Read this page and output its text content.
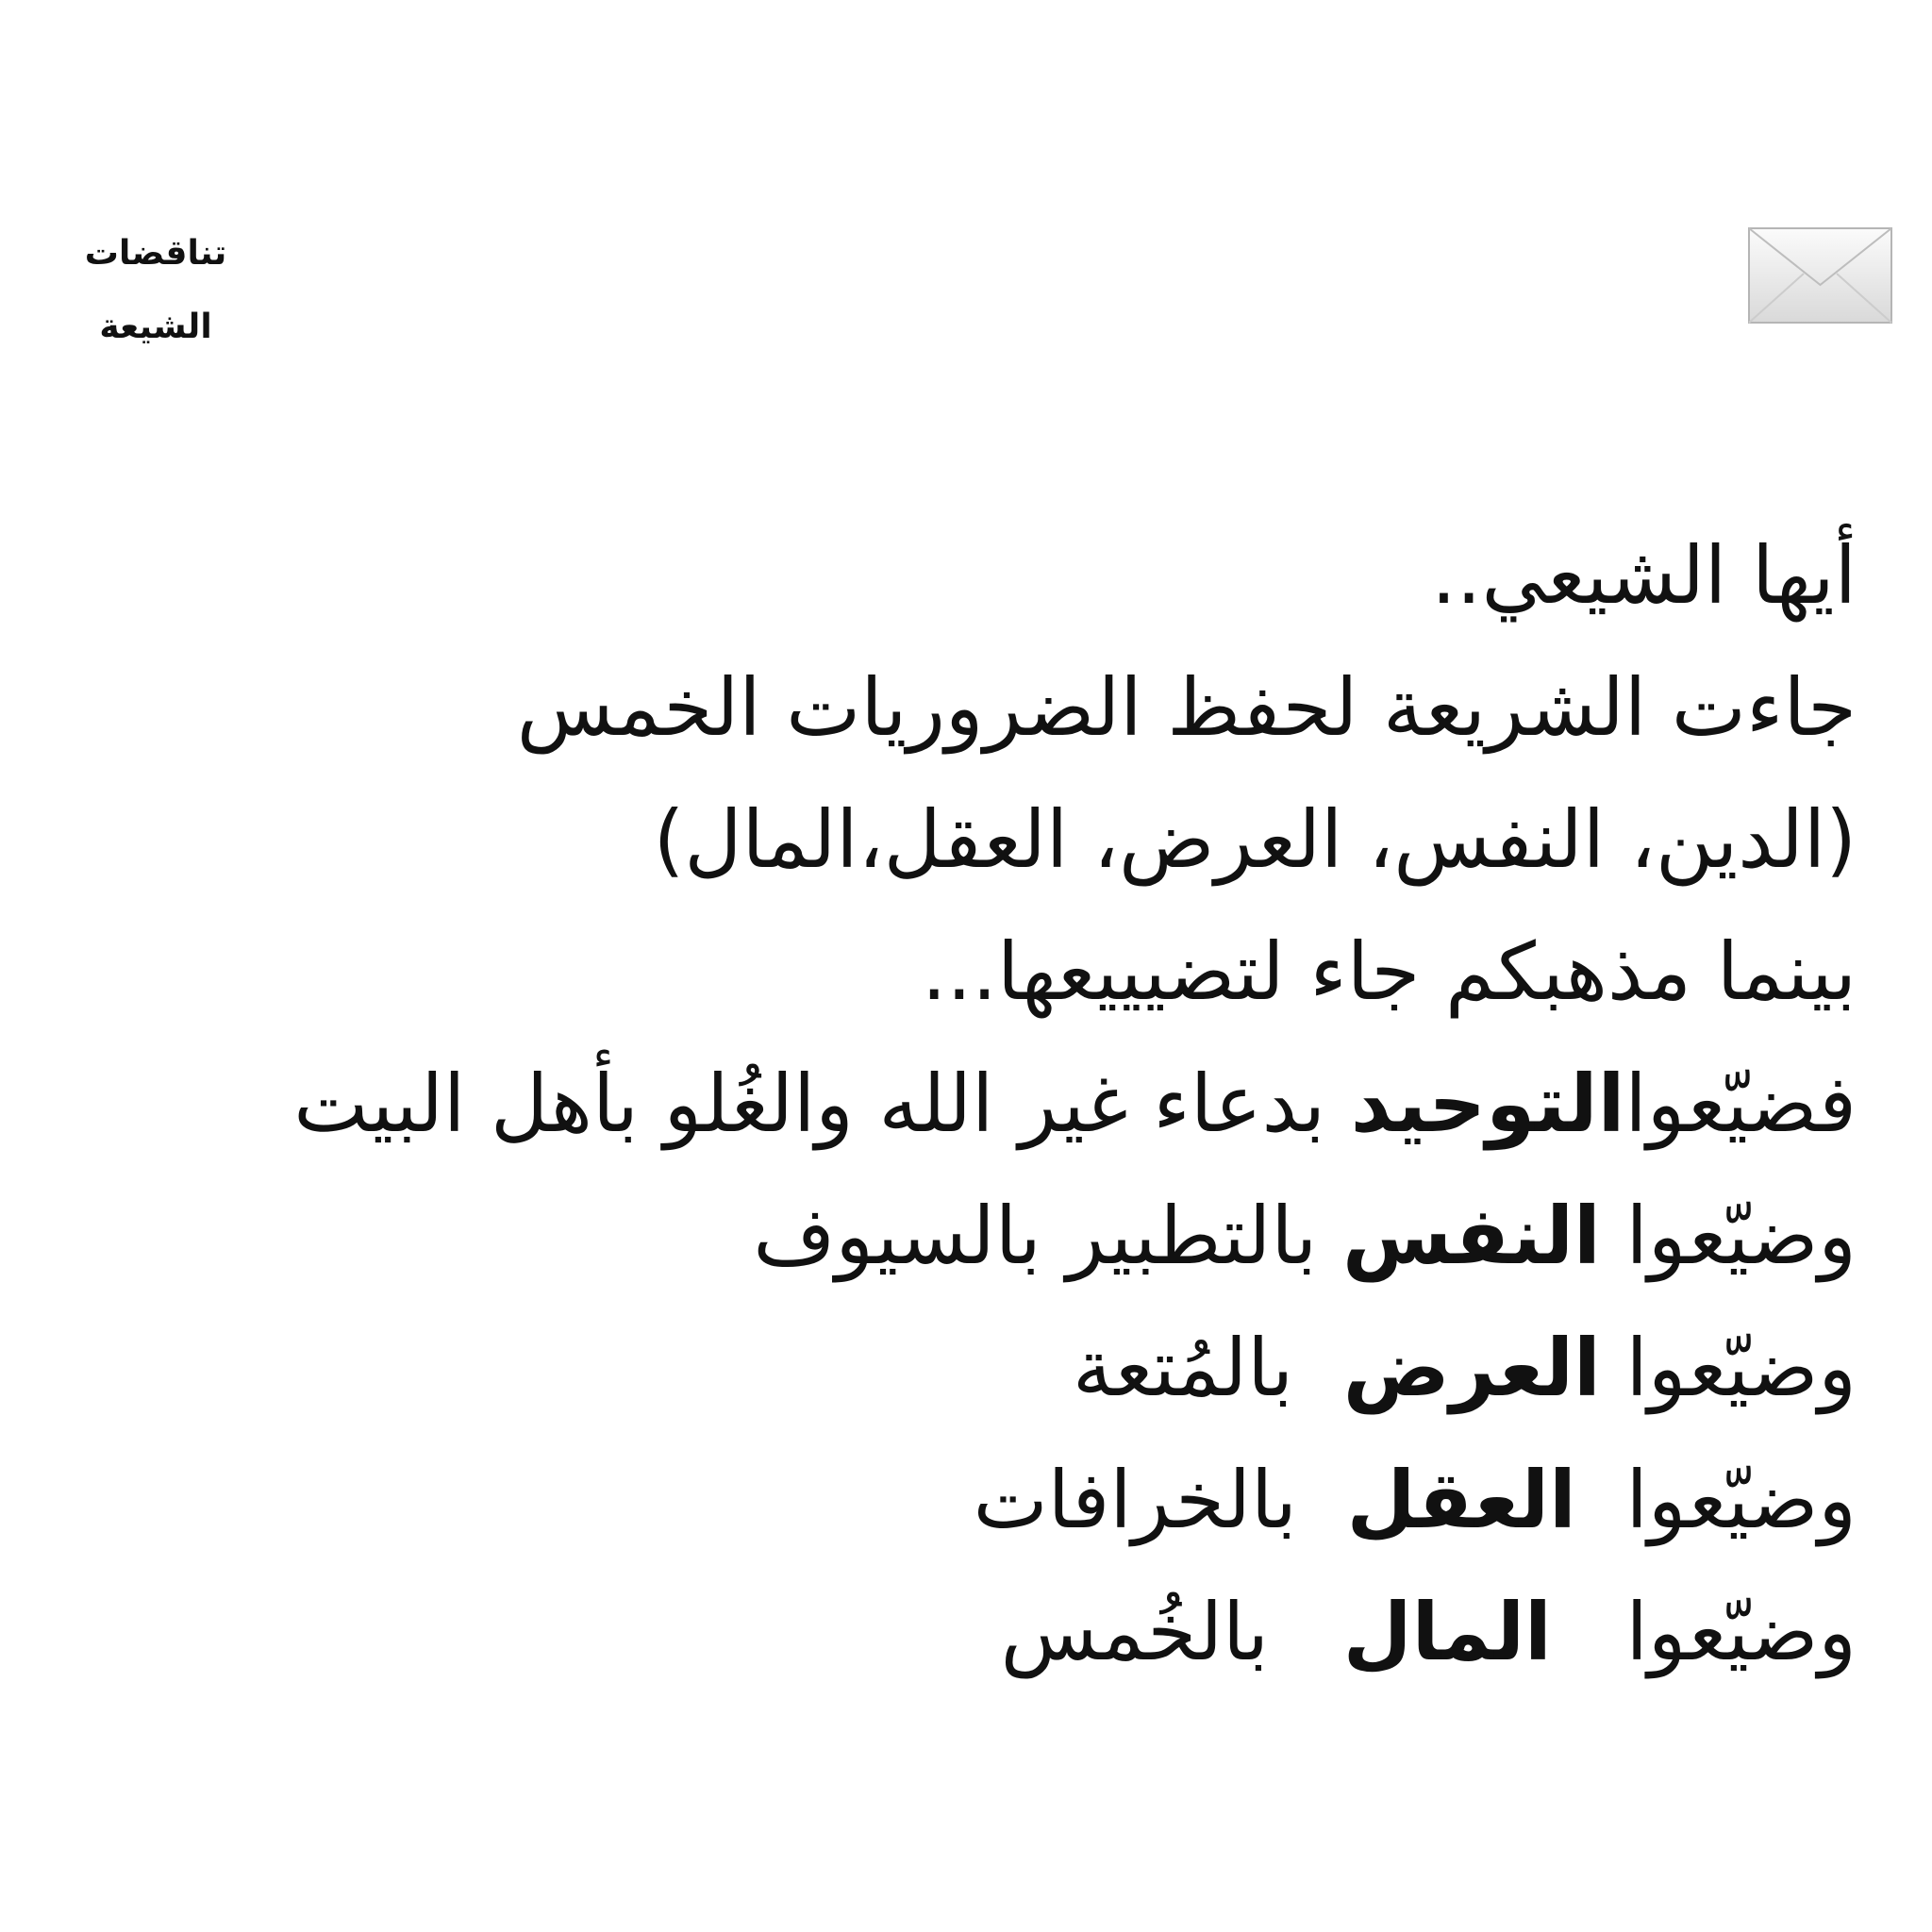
تناقضات
الشيعة
أيها الشيعي..
جاءت الشريعة لحفظ الضروريات الخمس
(الدين، النفس، العرض، العقل،المال)
بينما مذهبكم جاء لتضيييعها...
فضيّعواالتوحيد بدعاء غير الله والغُلو بأهل البيت
وضيّعوا النفس بالتطبير بالسيوف
وضيّعوا العرض بالمُتعة
وضيّعوا العقل بالخرافات
وضيّعوا المال بالخُمس
